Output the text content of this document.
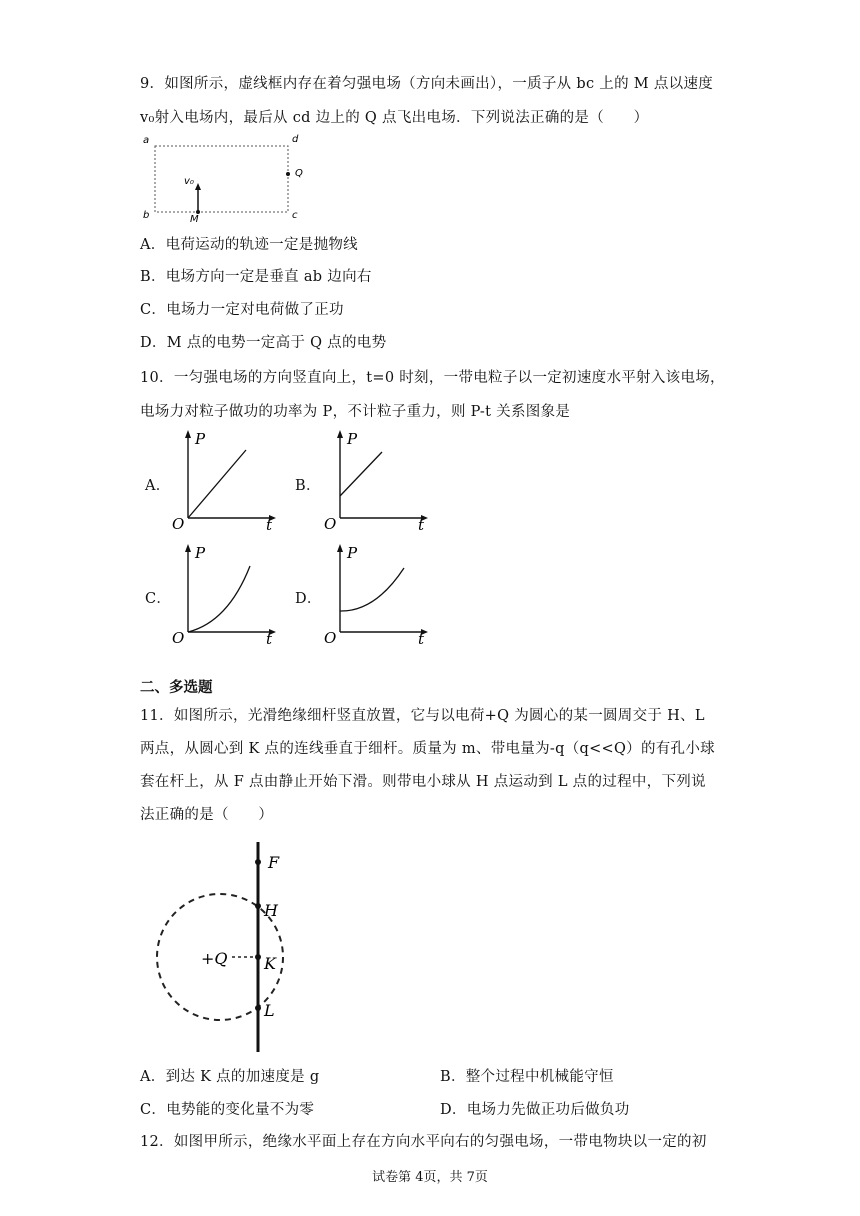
9．如图所示，虚线框内存在着匀强电场（方向未画出），一质子从 bc 上的 M 点以速度
v₀射入电场内，最后从 cd 边上的 Q 点飞出电场．下列说法正确的是（　　）
a	d
b	c
Q
M
v₀
A．电荷运动的轨迹一定是抛物线
B．电场方向一定是垂直 ab 边向右
C．电场力一定对电荷做了正功
D．M 点的电势一定高于 Q 点的电势
10．一匀强电场的方向竖直向上，t=0 时刻，一带电粒子以一定初速度水平射入该电场，
电场力对粒子做功的功率为 P，不计粒子重力，则 P-t 关系图象是
A．	B．
C．	D．
P
t
O
P
t
O
P
t
O
P
t
O
二、多选题
11．如图所示，光滑绝缘细杆竖直放置，它与以电荷+Q 为圆心的某一圆周交于 H、L
两点，从圆心到 K 点的连线垂直于细杆。质量为 m、带电量为-q（q<<Q）的有孔小球
套在杆上，从 F 点由静止开始下滑。则带电小球从 H 点运动到 L 点的过程中，下列说
法正确的是（　　）
F
H
K
L
+Q
A．到达 K 点的加速度是 g	B．整个过程中机械能守恒
C．电势能的变化量不为零	D．电场力先做正功后做负功
12．如图甲所示，绝缘水平面上存在方向水平向右的匀强电场，一带电物块以一定的初
试卷第 4页，共 7页
